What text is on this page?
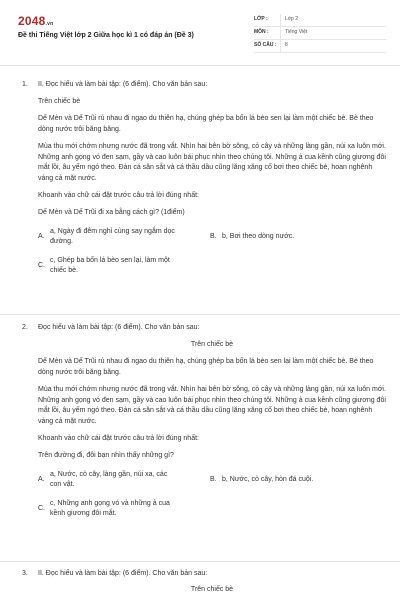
2048.vn
Đề thi Tiếng Việt lớp 2 Giữa học kì 1 có đáp án (Đề 3)
LỚP :	Lớp 2
MÔN :	Tiếng Việt
SỐ CÂU :	8
1. II. Đọc hiểu và làm bài tập: (6 điểm). Cho văn bản sau:
Trên chiếc bè
Dế Mèn và Dế Trũi rủ nhau đi ngao du thiên hạ, chúng ghép ba bốn lá bèo sen lại làm một chiếc bè. Bè theo dòng nước trôi băng băng.
Mùa thu mới chớm nhưng nước đã trong vắt. Nhìn hai bên bờ sông, cỏ cây và những làng gần, núi xa luôn mới. Những anh gọng vó đen sạm, gầy và cao luôn bái phục nhìn theo chúng tôi. Những ả cua kềnh cũng giương đôi mắt lồi, âu yếm ngó theo. Đàn cá săn sắt và cá thầu dầu cũng lăng xăng cố bơi theo chiếc bè, hoan nghênh váng cả mặt nước.
Khoanh vào chữ cái đặt trước câu trả lời đúng nhất:
Dế Mèn và Dế Trũi đi xa bằng cách gì? (1điểm)
A.
a, Ngày đi đêm nghỉ cùng say ngắm dọc đường.
B. b, Bơi theo dòng nước.
C.
c, Ghép ba bốn lá bèo sen lại, làm một chiếc bè.
2. Đọc hiểu và làm bài tập: (6 điểm). Cho văn bản sau:
Trên chiếc bè
Dế Mèn và Dế Trũi rủ nhau đi ngao du thiên hạ, chúng ghép ba bốn lá bèo sen lại làm một chiếc bè. Bè theo dòng nước trôi băng băng.
Mùa thu mới chớm nhưng nước đã trong vắt. Nhìn hai bên bờ sông, cỏ cây và những làng gần, núi xa luôn mới. Những anh gọng vó đen sạm, gầy và cao luôn bái phục nhìn theo chúng tôi. Những ả cua kềnh cũng giương đôi mắt lồi, âu yếm ngó theo. Đàn cá săn sắt và cá thầu dầu cũng lăng xăng cố bơi theo chiếc bè, hoan nghênh váng cả mặt nước.
Khoanh vào chữ cái đặt trước câu trả lời đúng nhất:
Trên đường đi, đôi bạn nhìn thấy những gì?
A.
a, Nước, cỏ cây, làng gần, núi xa, các con vật.
B. b, Nước, cỏ cây, hòn đá cuội.
C.
c, Những anh gọng vó và những ả cua kềnh giương đôi mắt.
3. II. Đọc hiểu và làm bài tập: (6 điểm). Cho văn bản sau:
Trên chiếc bè
